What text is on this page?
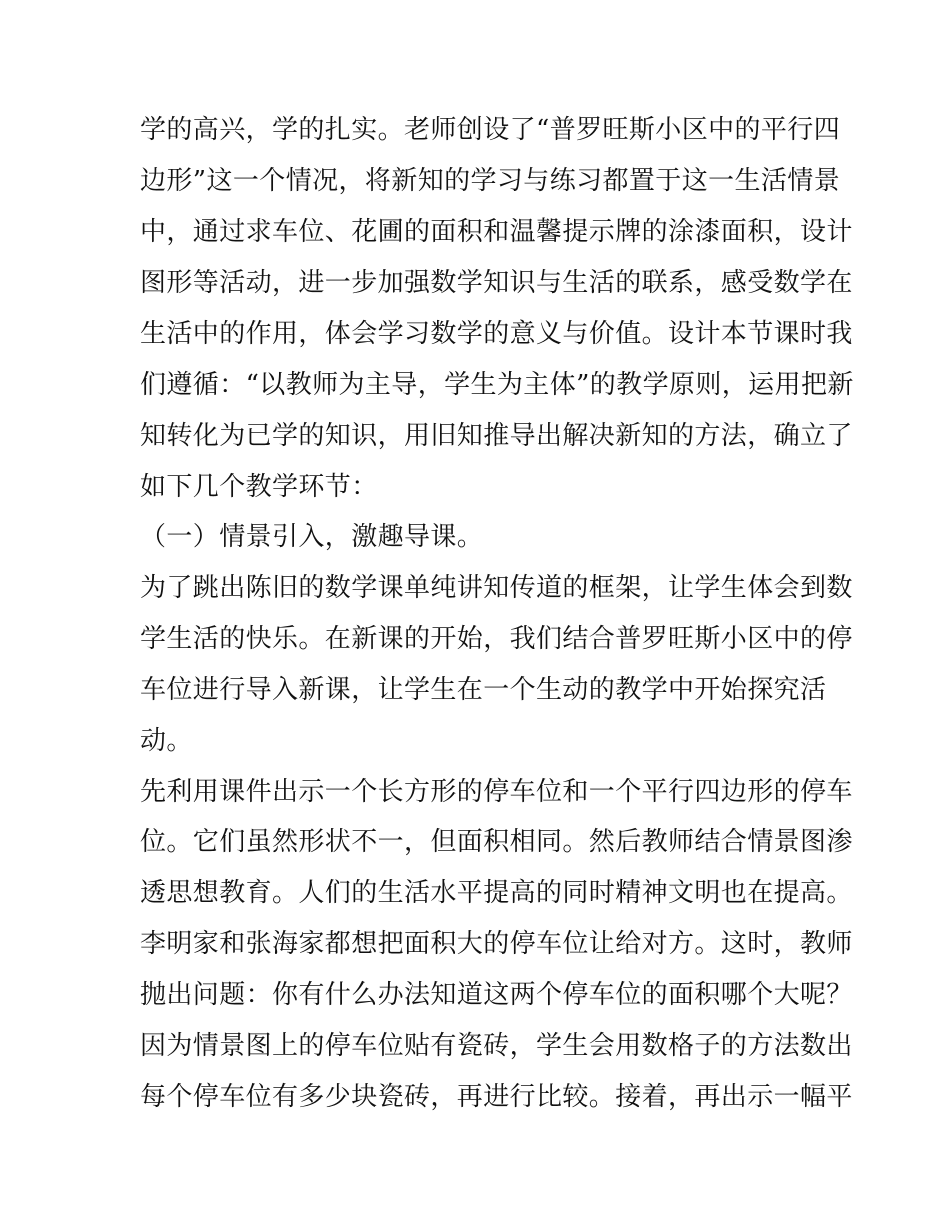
学的高兴，学的扎实。老师创设了“普罗旺斯小区中的平行四
边形”这一个情况，将新知的学习与练习都置于这一生活情景
中，通过求车位、花圃的面积和温馨提示牌的涂漆面积，设计
图形等活动，进一步加强数学知识与生活的联系，感受数学在
生活中的作用，体会学习数学的意义与价值。设计本节课时我
们遵循：“以教师为主导，学生为主体”的教学原则，运用把新
知转化为已学的知识，用旧知推导出解决新知的方法，确立了
如下几个教学环节：
（一）情景引入，激趣导课。
为了跳出陈旧的数学课单纯讲知传道的框架，让学生体会到数
学生活的快乐。在新课的开始，我们结合普罗旺斯小区中的停
车位进行导入新课，让学生在一个生动的教学中开始探究活
动。
先利用课件出示一个长方形的停车位和一个平行四边形的停车
位。它们虽然形状不一，但面积相同。然后教师结合情景图渗
透思想教育。人们的生活水平提高的同时精神文明也在提高。
李明家和张海家都想把面积大的停车位让给对方。这时，教师
抛出问题：你有什么办法知道这两个停车位的面积哪个大呢？
因为情景图上的停车位贴有瓷砖，学生会用数格子的方法数出
每个停车位有多少块瓷砖，再进行比较。接着，再出示一幅平
